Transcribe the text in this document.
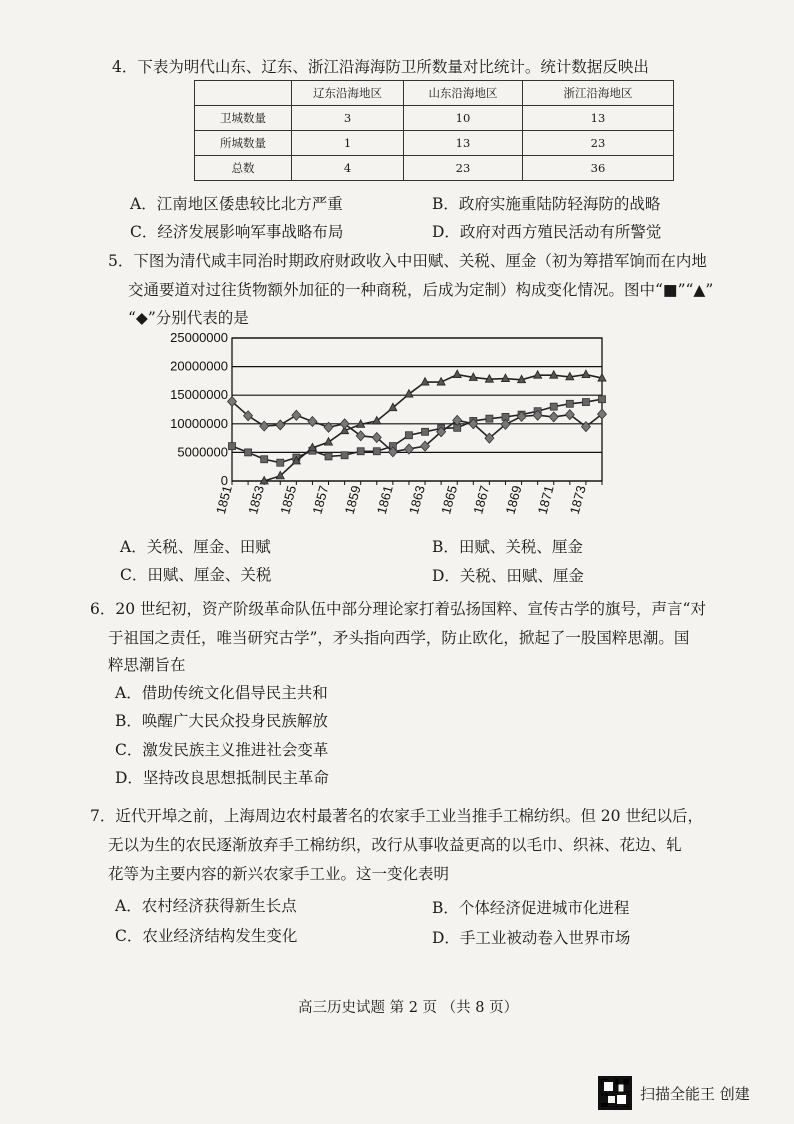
4．下表为明代山东、辽东、浙江沿海海防卫所数量对比统计。统计数据反映出
	辽东沿海地区	山东沿海地区	浙江沿海地区
卫城数量	3	10	13
所城数量	1	13	23
总数	4	23	36
A．江南地区倭患较比北方严重	B．政府实施重陆防轻海防的战略
C．经济发展影响军事战略布局	D．政府对西方殖民活动有所警觉
5．下图为清代咸丰同治时期政府财政收入中田赋、关税、厘金（初为筹措军饷而在内地
交通要道对过往货物额外加征的一种商税，后成为定制）构成变化情况。图中“■”“▲”
“◆”分别代表的是
0
5000000
10000000
15000000
20000000
25000000
1851 1853 1855 1857 1859 1861 1863 1865 1867 1869 1871 1873
A．关税、厘金、田赋	B．田赋、关税、厘金
C．田赋、厘金、关税	D．关税、田赋、厘金
6．20 世纪初，资产阶级革命队伍中部分理论家打着弘扬国粹、宣传古学的旗号，声言“对
于祖国之责任，唯当研究古学”，矛头指向西学，防止欧化，掀起了一股国粹思潮。国
粹思潮旨在
A．借助传统文化倡导民主共和
B．唤醒广大民众投身民族解放
C．激发民族主义推进社会变革
D．坚持改良思想抵制民主革命
7．近代开埠之前，上海周边农村最著名的农家手工业当推手工棉纺织。但 20 世纪以后，
无以为生的农民逐渐放弃手工棉纺织，改行从事收益更高的以毛巾、织袜、花边、轧
花等为主要内容的新兴农家手工业。这一变化表明
A．农村经济获得新生长点	B．个体经济促进城市化进程
C．农业经济结构发生变化	D．手工业被动卷入世界市场
高三历史试题 第 2 页 （共 8 页）
扫描全能王 创建
